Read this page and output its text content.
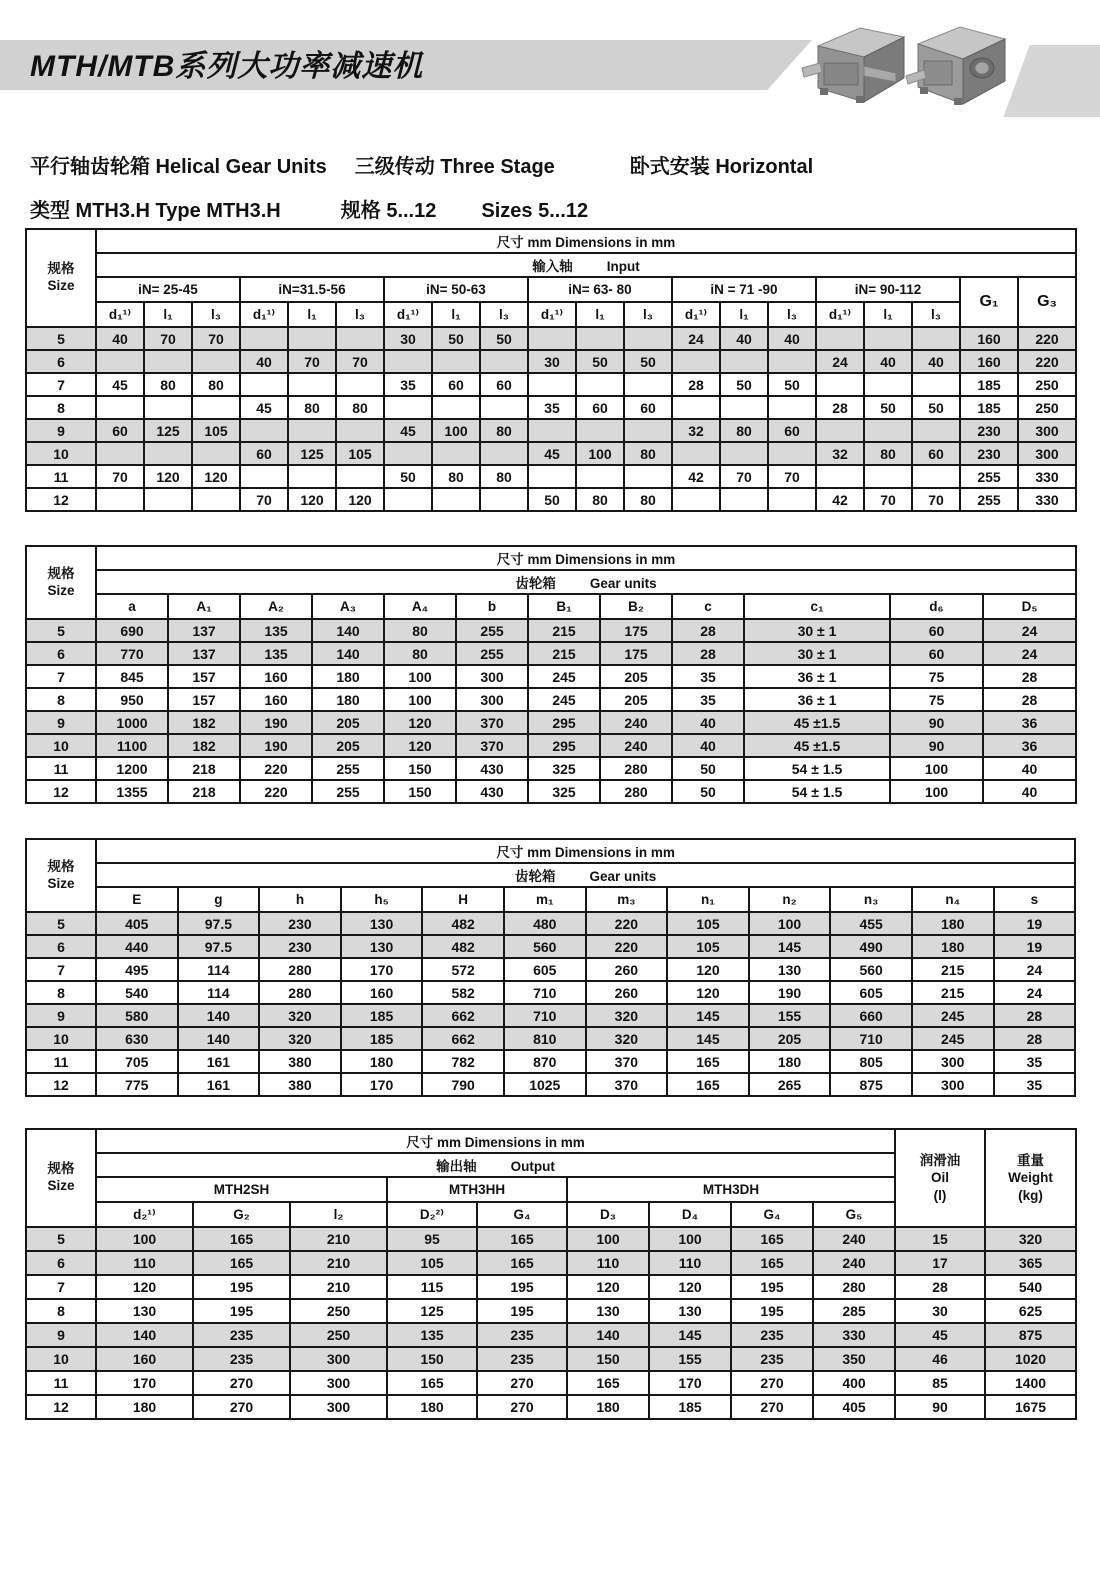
MTH/MTB系列大功率减速机
平行轴齿轮箱 Helical Gear Units 三级传动 Three Stage	卧式安装 Horizontal
类型 MTH3.H Type MTH3.H	规格 5...12 Sizes 5...12
规格
Size	尺寸 mm Dimensions in mm																			
	输入轴 Input																			
	iN= 25-45			iN=31.5-56			iN= 50-63			iN= 63- 80			iN = 71 -90			iN= 90-112			G₁	G₃
	d₁¹⁾	l₁	l₃	d₁¹⁾	l₁	l₃	d₁¹⁾	l₁	l₃	d₁¹⁾	l₁	l₃	d₁¹⁾	l₁	l₃	d₁¹⁾	l₁	l₃		
5	40	70	70				30	50	50				24	40	40				160	220
6				40	70	70				30	50	50				24	40	40	160	220
7	45	80	80				35	60	60				28	50	50				185	250
8				45	80	80				35	60	60				28	50	50	185	250
9	60	125	105				45	100	80				32	80	60				230	300
10				60	125	105				45	100	80				32	80	60	230	300
11	70	120	120				50	80	80				42	70	70				255	330
12				70	120	120				50	80	80				42	70	70	255	330
规格
Size	尺寸 mm Dimensions in mm											
	齿轮箱 Gear units											
	a	A₁	A₂	A₃	A₄	b	B₁	B₂	c	c₁	d₆	D₅
5	690	137	135	140	80	255	215	175	28	30 ± 1	60	24
6	770	137	135	140	80	255	215	175	28	30 ± 1	60	24
7	845	157	160	180	100	300	245	205	35	36 ± 1	75	28
8	950	157	160	180	100	300	245	205	35	36 ± 1	75	28
9	1000	182	190	205	120	370	295	240	40	45 ±1.5	90	36
10	1100	182	190	205	120	370	295	240	40	45 ±1.5	90	36
11	1200	218	220	255	150	430	325	280	50	54 ± 1.5	100	40
12	1355	218	220	255	150	430	325	280	50	54 ± 1.5	100	40
规格
Size	尺寸 mm Dimensions in mm											
	齿轮箱 Gear units											
	E	g	h	h₅	H	m₁	m₃	n₁	n₂	n₃	n₄	s
5	405	97.5	230	130	482	480	220	105	100	455	180	19
6	440	97.5	230	130	482	560	220	105	145	490	180	19
7	495	114	280	170	572	605	260	120	130	560	215	24
8	540	114	280	160	582	710	260	120	190	605	215	24
9	580	140	320	185	662	710	320	145	155	660	245	28
10	630	140	320	185	662	810	320	145	205	710	245	28
11	705	161	380	180	782	870	370	165	180	805	300	35
12	775	161	380	170	790	1025	370	165	265	875	300	35
规格
Size
	尺寸 mm Dimensions in mm	
润滑油
Oil
(l)

重量
Weight
(kg)

	输出轴 Output										
	MTH2SH			MTH3HH		MTH3DH					
	d₂¹⁾	G₂	l₂	D₂²⁾	G₄	D₃	D₄	G₄	G₅		
5	100	165	210	95	165	100	100	165	240	15	320
6	110	165	210	105	165	110	110	165	240	17	365
7	120	195	210	115	195	120	120	195	280	28	540
8	130	195	250	125	195	130	130	195	285	30	625
9	140	235	250	135	235	140	145	235	330	45	875
10	160	235	300	150	235	150	155	235	350	46	1020
11	170	270	300	165	270	165	170	270	400	85	1400
12	180	270	300	180	270	180	185	270	405	90	1675
